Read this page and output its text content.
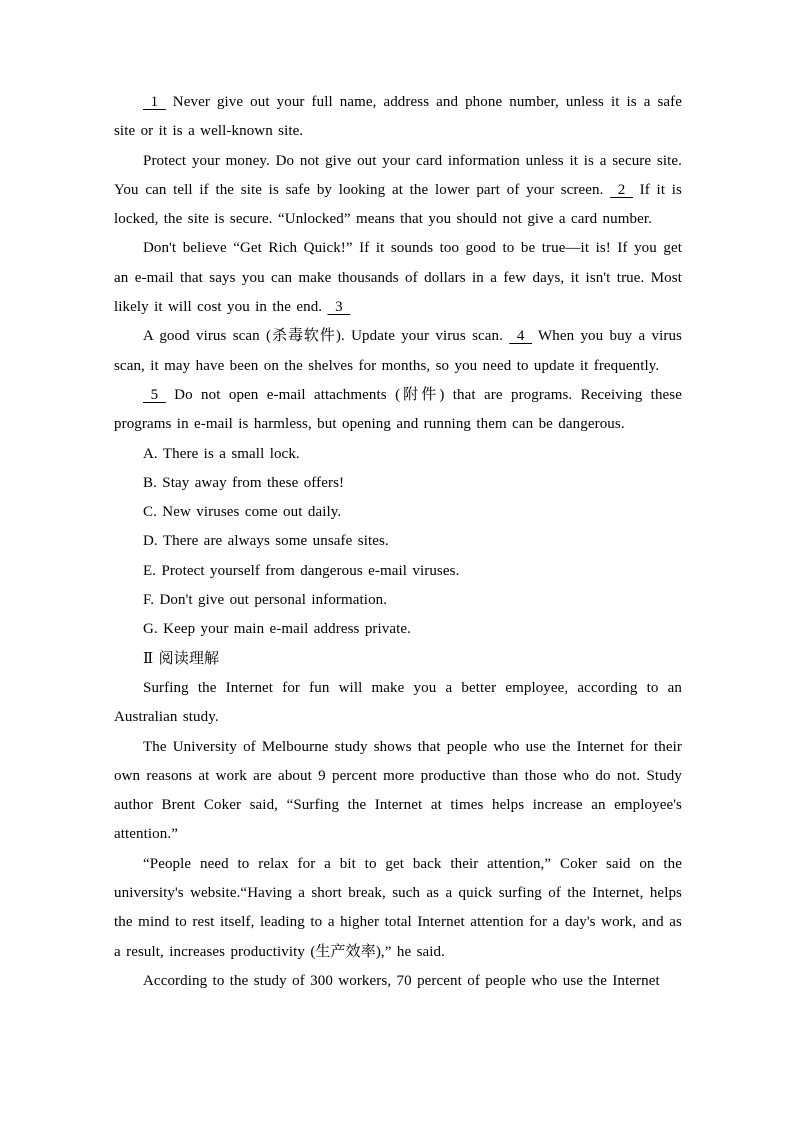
 1  Never give out your full name, address and phone number, unless it is a safe site or it is a well-known site.

Protect your money. Do not give out your card information unless it is a secure site. You can tell if the site is safe by looking at the lower part of your screen.  2  If it is locked, the site is secure. “Unlocked” means that you should not give a card number.

Don't believe “Get Rich Quick!” If it sounds too good to be true—it is! If you get an e-mail that says you can make thousands of dollars in a few days, it isn't true. Most likely it will cost you in the end.  3 

A good virus scan (杀毒软件). Update your virus scan.  4  When you buy a virus scan, it may have been on the shelves for months, so you need to update it frequently.

 5  Do not open e-mail attachments (附件) that are programs. Receiving these programs in e-mail is harmless, but opening and running them can be dangerous.

A. There is a small lock.

B. Stay away from these offers!

C. New viruses come out daily.

D. There are always some unsafe sites.

E. Protect yourself from dangerous e-mail viruses.

F. Don't give out personal information.

G. Keep your main e-mail address private.

Ⅱ 阅读理解

Surfing the Internet for fun will make you a better employee, according to an Australian study.

The University of Melbourne study shows that people who use the Internet for their own reasons at work are about 9 percent more productive than those who do not. Study author Brent Coker said, “Surfing the Internet at times helps increase an employee's attention.”

“People need to relax for a bit to get back their attention,” Coker said on the university's website.“Having a short break, such as a quick surfing of the Internet, helps the mind to rest itself, leading to a higher total Internet attention for a day's work, and as a result, increases productivity (生产效率),” he said.

According to the study of 300 workers, 70 percent of people who use the Internet
